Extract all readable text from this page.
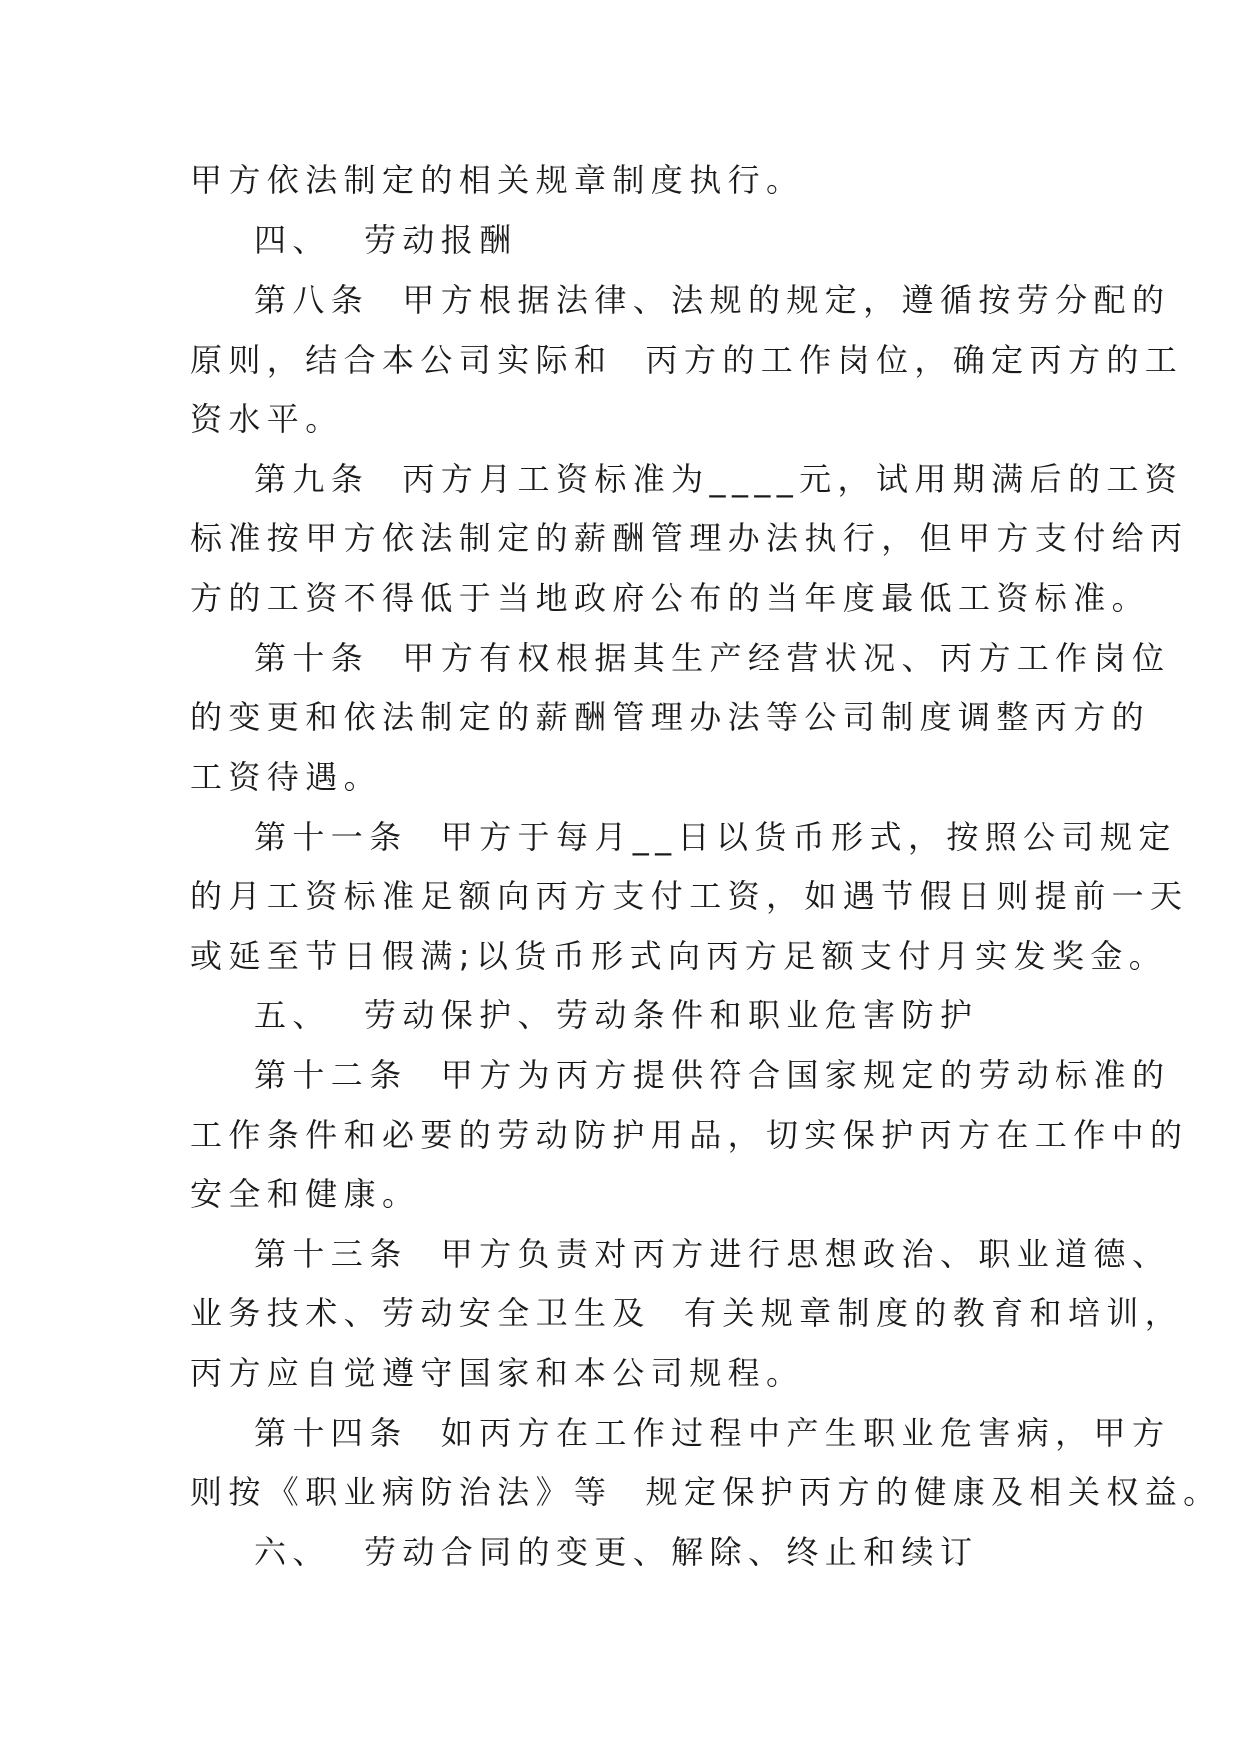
甲方依法制定的相关规章制度执行。

四、  劳动报酬

第八条  甲方根据法律、法规的规定，遵循按劳分配的

原则，结合本公司实际和  丙方的工作岗位，确定丙方的工

资水平。

第九条  丙方月工资标准为____元，试用期满后的工资

标准按甲方依法制定的薪酬管理办法执行，但甲方支付给丙

方的工资不得低于当地政府公布的当年度最低工资标准。

第十条  甲方有权根据其生产经营状况、丙方工作岗位

的变更和依法制定的薪酬管理办法等公司制度调整丙方的

工资待遇。

第十一条  甲方于每月__日以货币形式，按照公司规定

的月工资标准足额向丙方支付工资，如遇节假日则提前一天

或延至节日假满;以货币形式向丙方足额支付月实发奖金。

五、  劳动保护、劳动条件和职业危害防护

第十二条  甲方为丙方提供符合国家规定的劳动标准的

工作条件和必要的劳动防护用品，切实保护丙方在工作中的

安全和健康。

第十三条  甲方负责对丙方进行思想政治、职业道德、

业务技术、劳动安全卫生及  有关规章制度的教育和培训，

丙方应自觉遵守国家和本公司规程。

第十四条  如丙方在工作过程中产生职业危害病，甲方

则按《职业病防治法》等  规定保护丙方的健康及相关权益。

六、  劳动合同的变更、解除、终止和续订
